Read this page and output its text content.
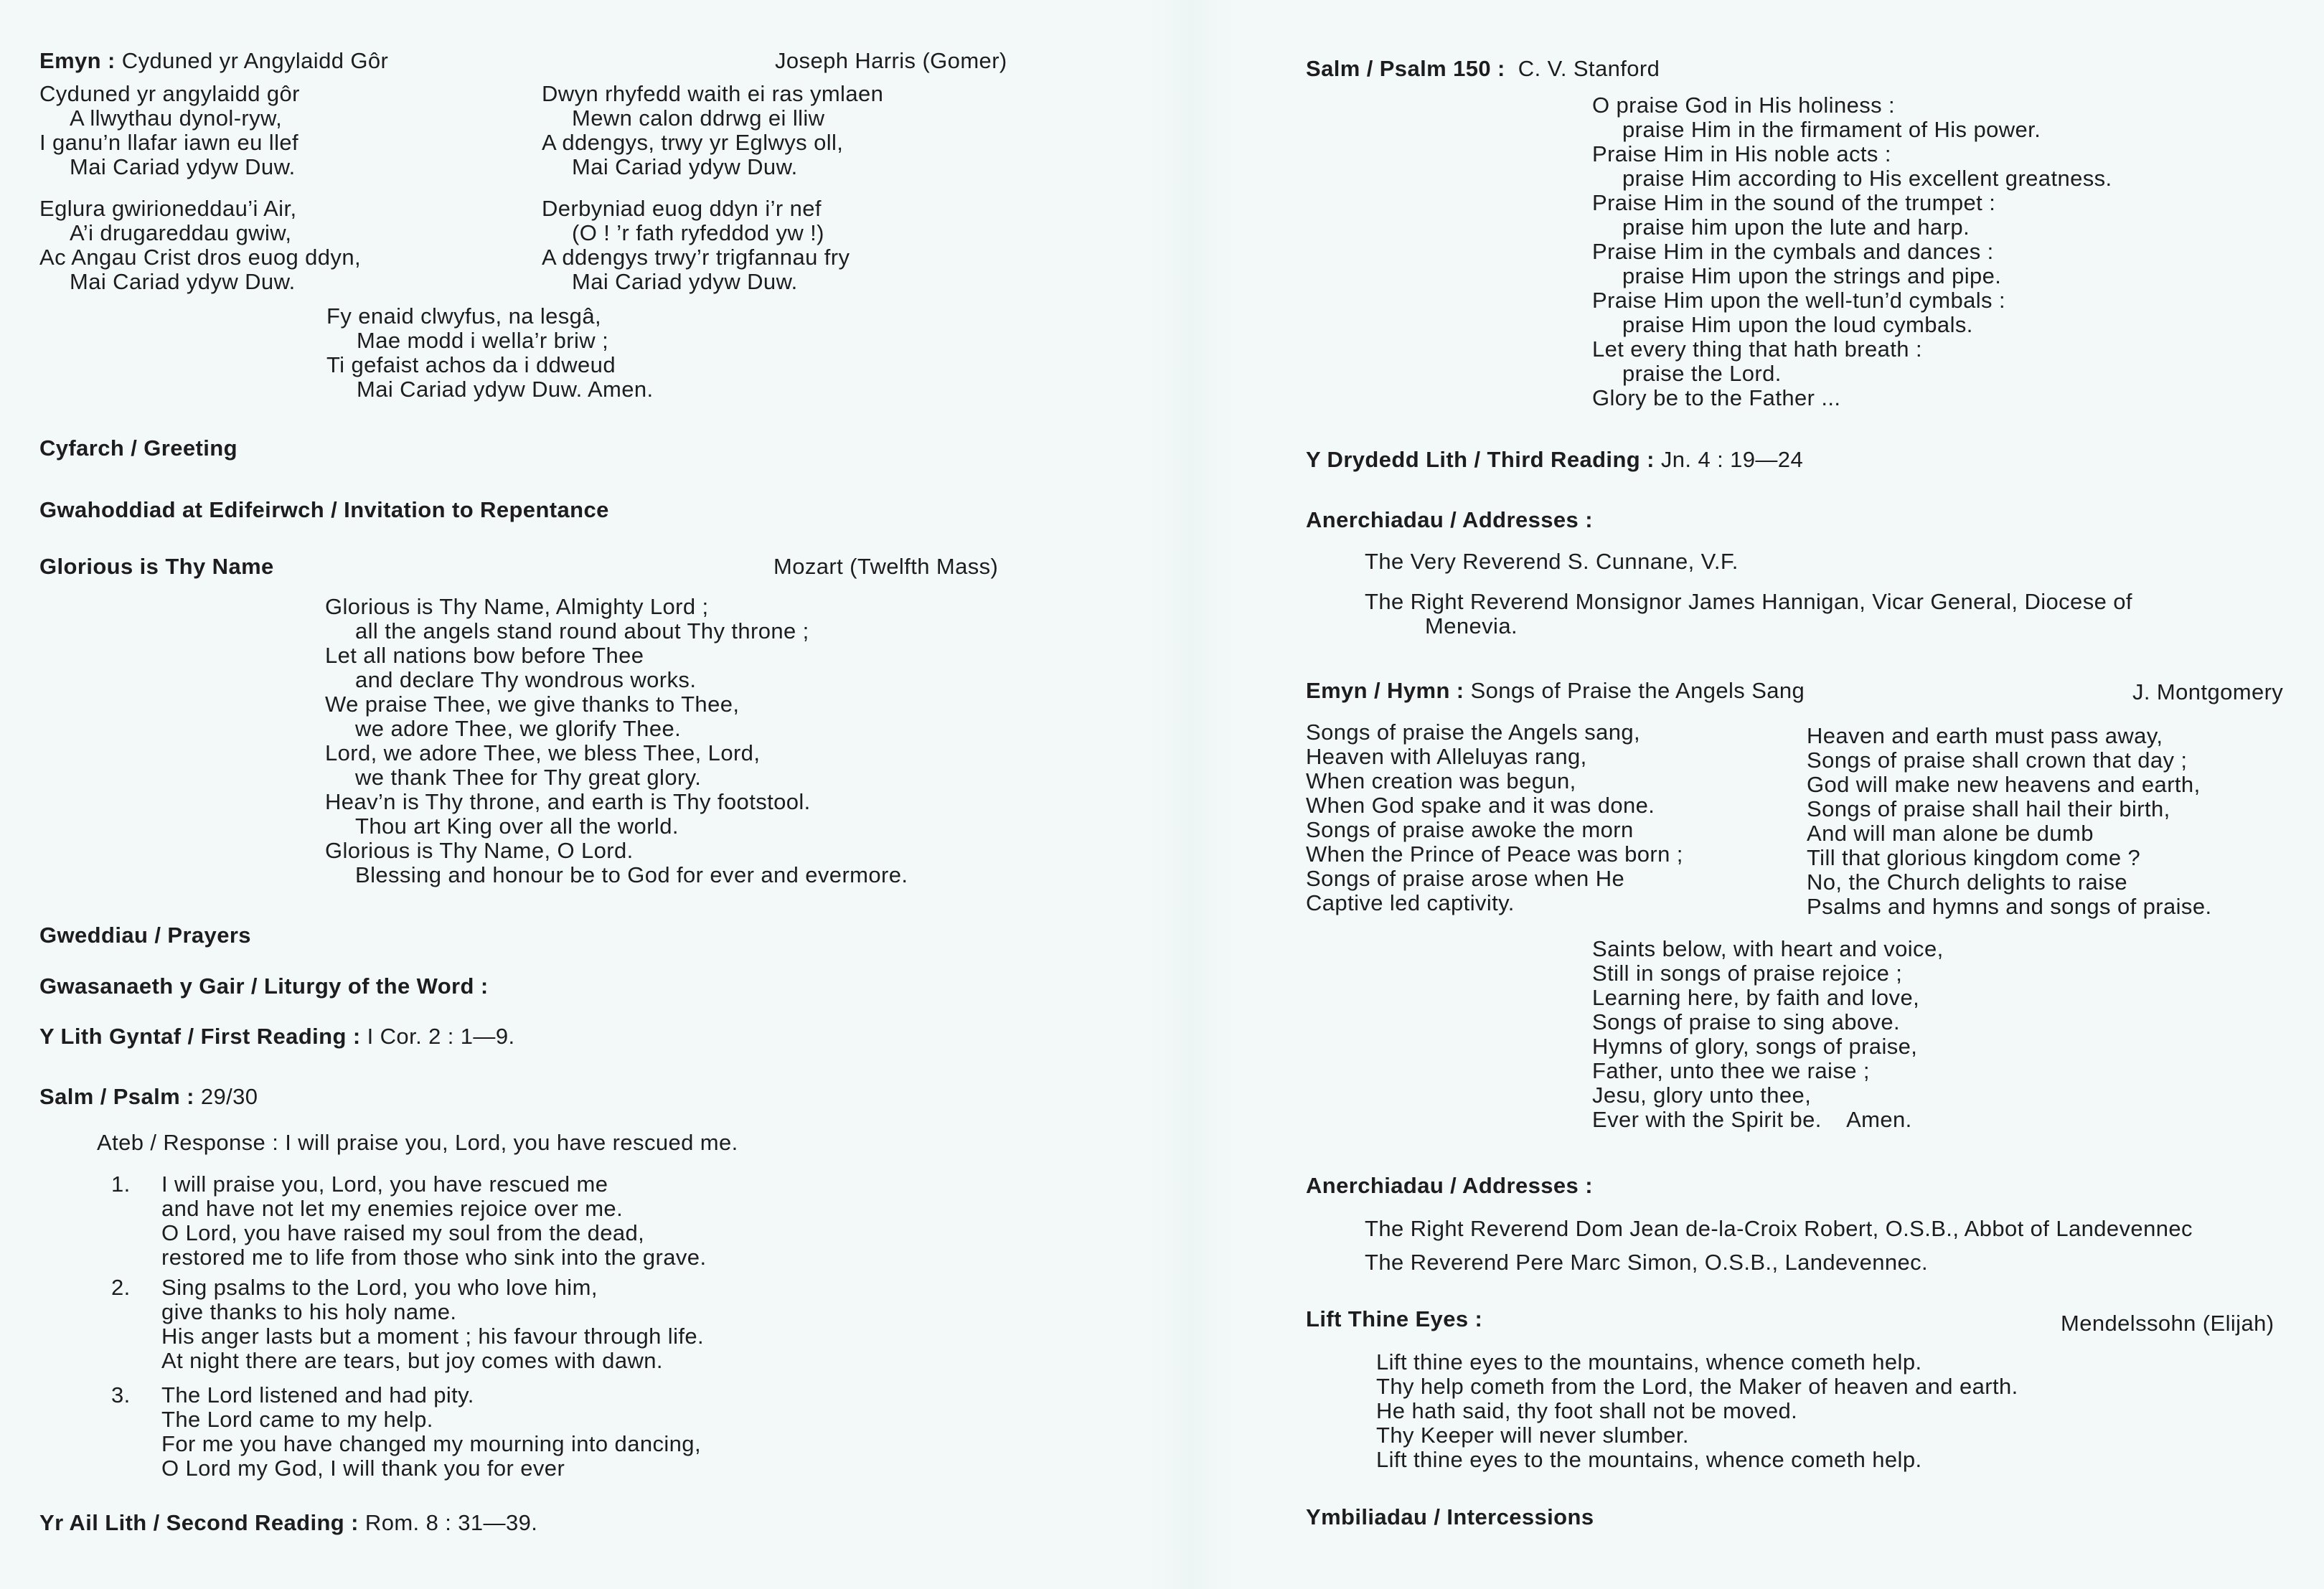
Emyn : Cyduned yr Angylaidd Gôr	Joseph Harris (Gomer)
Cyduned yr angylaidd gôr
A llwythau dynol-ryw,
I ganu’n llafar iawn eu llef
Mai Cariad ydyw Duw.
Dwyn rhyfedd waith ei ras ymlaen
Mewn calon ddrwg ei lliw
A ddengys, trwy yr Eglwys oll,
Mai Cariad ydyw Duw.
Eglura gwirioneddau’i Air,
A’i drugareddau gwiw,
Ac Angau Crist dros euog ddyn,
Mai Cariad ydyw Duw.
Derbyniad euog ddyn i’r nef
(O ! ’r fath ryfeddod yw !)
A ddengys trwy’r trigfannau fry
Mai Cariad ydyw Duw.
Fy enaid clwyfus, na lesgâ,
Mae modd i wella’r briw ;
Ti gefaist achos da i ddweud
Mai Cariad ydyw Duw. Amen.
Cyfarch / Greeting
Gwahoddiad at Edifeirwch / Invitation to Repentance
Glorious is Thy Name	Mozart (Twelfth Mass)
Glorious is Thy Name, Almighty Lord ;
all the angels stand round about Thy throne ;
Let all nations bow before Thee
and declare Thy wondrous works.
We praise Thee, we give thanks to Thee,
we adore Thee, we glorify Thee.
Lord, we adore Thee, we bless Thee, Lord,
we thank Thee for Thy great glory.
Heav’n is Thy throne, and earth is Thy footstool.
Thou art King over all the world.
Glorious is Thy Name, O Lord.
Blessing and honour be to God for ever and evermore.
Gweddiau / Prayers
Gwasanaeth y Gair / Liturgy of the Word :
Y Lith Gyntaf / First Reading : I Cor. 2 : 1—9.
Salm / Psalm : 29/30
Ateb / Response : I will praise you, Lord, you have rescued me.
1. I will praise you, Lord, you have rescued me
and have not let my enemies rejoice over me.
O Lord, you have raised my soul from the dead,
restored me to life from those who sink into the grave.
2. Sing psalms to the Lord, you who love him,
give thanks to his holy name.
His anger lasts but a moment ; his favour through life.
At night there are tears, but joy comes with dawn.
3. The Lord listened and had pity.
The Lord came to my help.
For me you have changed my mourning into dancing,
O Lord my God, I will thank you for ever
Yr Ail Lith / Second Reading : Rom. 8 : 31—39.
Salm / Psalm 150 : C. V. Stanford
O praise God in His holiness :
praise Him in the firmament of His power.
Praise Him in His noble acts :
praise Him according to His excellent greatness.
Praise Him in the sound of the trumpet :
praise him upon the lute and harp.
Praise Him in the cymbals and dances :
praise Him upon the strings and pipe.
Praise Him upon the well-tun’d cymbals :
praise Him upon the loud cymbals.
Let every thing that hath breath :
praise the Lord.
Glory be to the Father ...
Y Drydedd Lith / Third Reading : Jn. 4 : 19—24
Anerchiadau / Addresses :
The Very Reverend S. Cunnane, V.F.
The Right Reverend Monsignor James Hannigan, Vicar General, Diocese of
Menevia.
Emyn / Hymn : Songs of Praise the Angels Sang	J. Montgomery
Songs of praise the Angels sang,
Heaven with Alleluyas rang,
When creation was begun,
When God spake and it was done.
Songs of praise awoke the morn
When the Prince of Peace was born ;
Songs of praise arose when He
Captive led captivity.
Heaven and earth must pass away,
Songs of praise shall crown that day ;
God will make new heavens and earth,
Songs of praise shall hail their birth,
And will man alone be dumb
Till that glorious kingdom come ?
No, the Church delights to raise
Psalms and hymns and songs of praise.
Saints below, with heart and voice,
Still in songs of praise rejoice ;
Learning here, by faith and love,
Songs of praise to sing above.
Hymns of glory, songs of praise,
Father, unto thee we raise ;
Jesu, glory unto thee,
Ever with the Spirit be.    Amen.
Anerchiadau / Addresses :
The Right Reverend Dom Jean de-la-Croix Robert, O.S.B., Abbot of Landevennec
The Reverend Pere Marc Simon, O.S.B., Landevennec.
Lift Thine Eyes :	Mendelssohn (Elijah)
Lift thine eyes to the mountains, whence cometh help.
Thy help cometh from the Lord, the Maker of heaven and earth.
He hath said, thy foot shall not be moved.
Thy Keeper will never slumber.
Lift thine eyes to the mountains, whence cometh help.
Ymbiliadau / Intercessions
